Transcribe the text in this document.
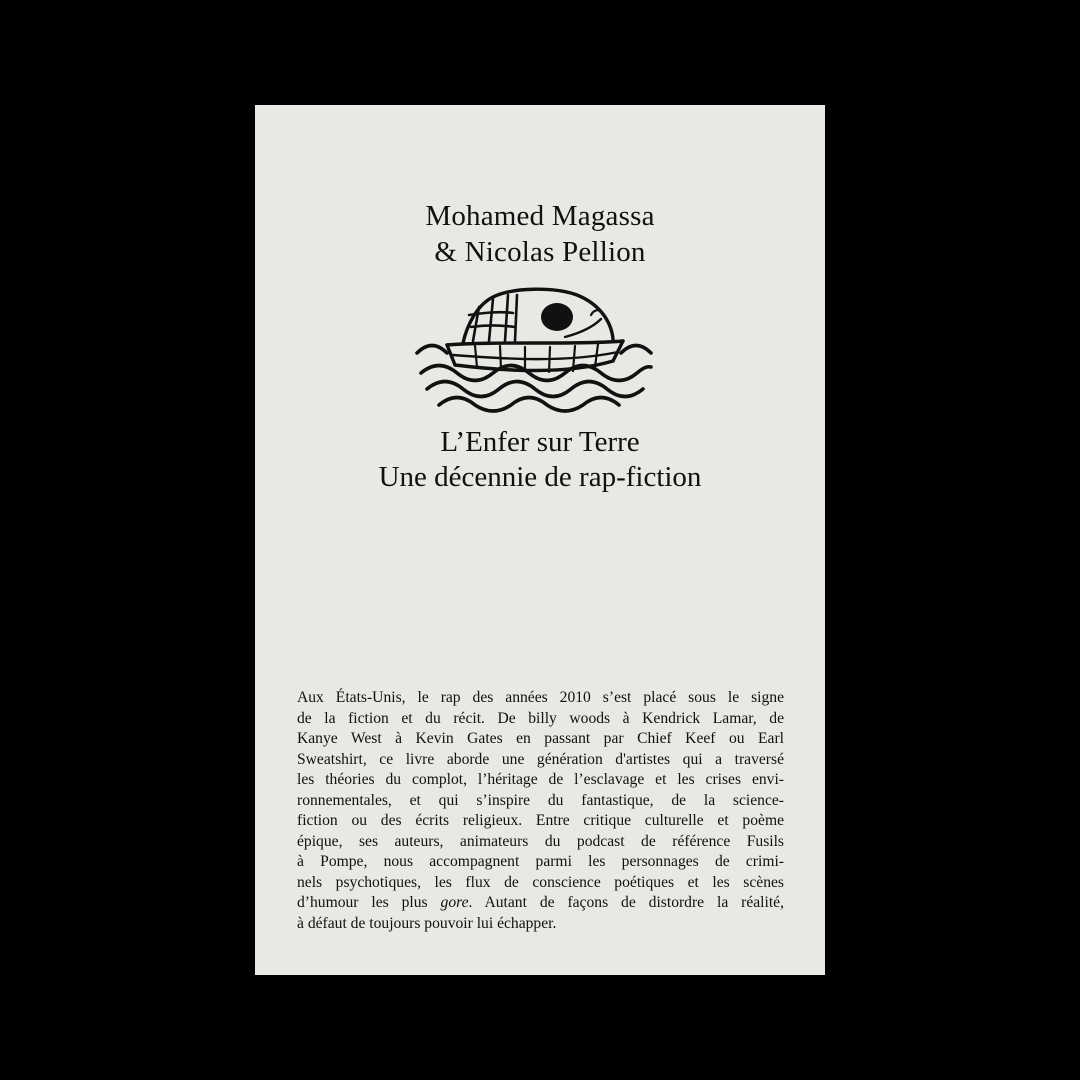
Mohamed Magassa
& Nicolas Pellion
L’Enfer sur Terre
Une décennie de rap-fiction
Aux États-Unis, le rap des années 2010 s’est placé sous le signe
de la fiction et du récit. De billy woods à Kendrick Lamar, de
Kanye West à Kevin Gates en passant par Chief Keef ou Earl
Sweatshirt, ce livre aborde une génération d'artistes qui a traversé
les théories du complot, l’héritage de l’esclavage et les crises envi-
ronnementales, et qui s’inspire du fantastique, de la science-
fiction ou des écrits religieux. Entre critique culturelle et poème
épique, ses auteurs, animateurs du podcast de référence Fusils
à Pompe, nous accompagnent parmi les personnages de crimi-
nels psychotiques, les flux de conscience poétiques et les scènes
d’humour les plus gore. Autant de façons de distordre la réalité,
à défaut de toujours pouvoir lui échapper.
